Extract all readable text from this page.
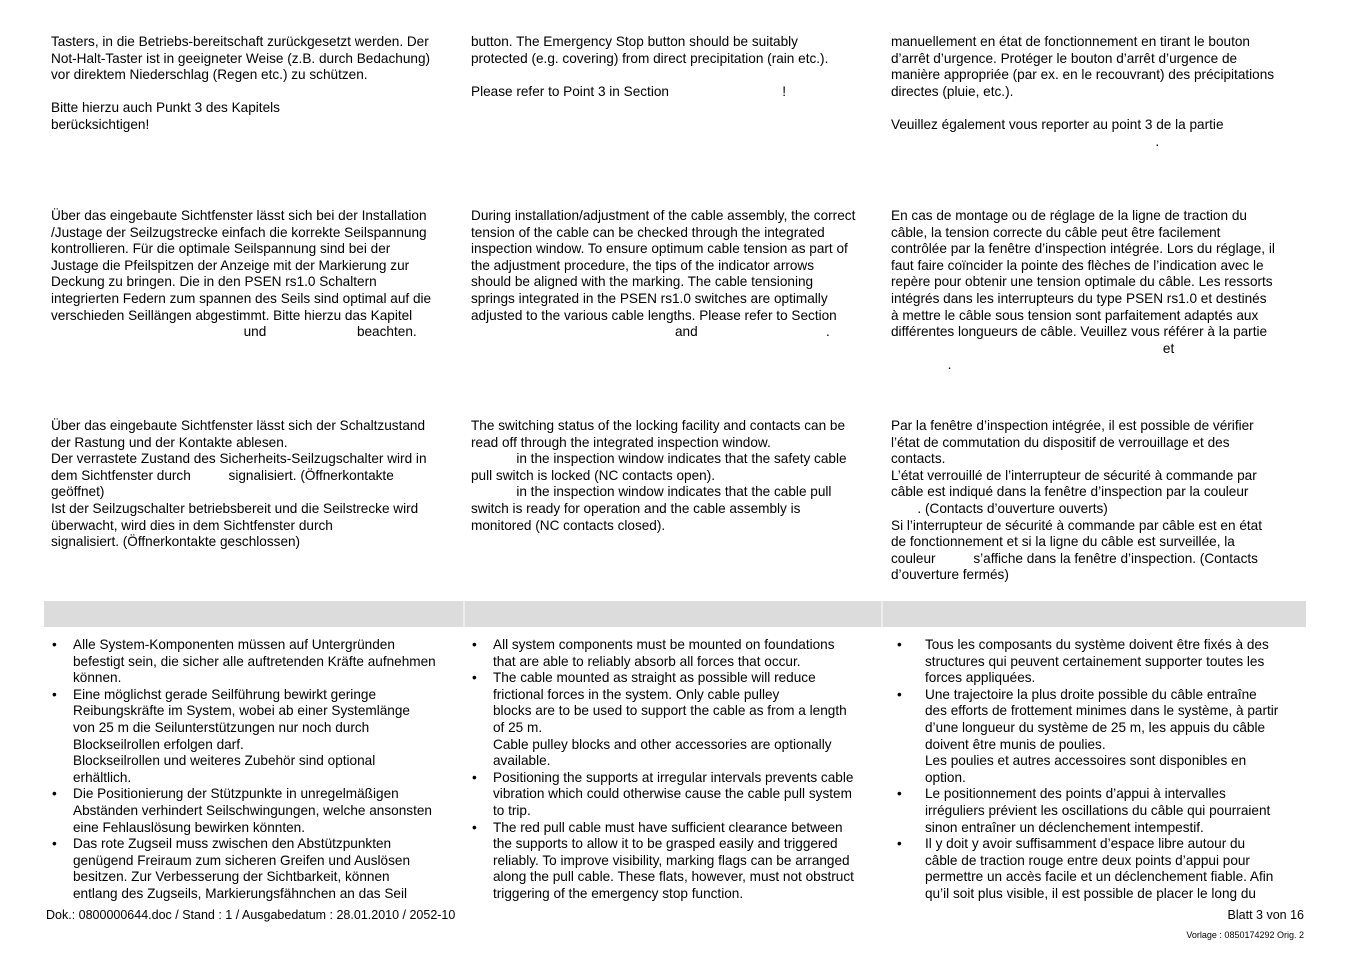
Tasters, in die Betriebs-bereitschaft zurückgesetzt werden. Der
Not-Halt-Taster ist in geeigneter Weise (z.B. durch Bedachung)
vor direktem Niederschlag (Regen etc.) zu schützen.

Bitte hierzu auch Punkt 3 des Kapitels
berücksichtigen!
button. The Emergency Stop button should be suitably
protected (e.g. covering) from direct precipitation (rain etc.).

Please refer to Point 3 in Section                              !
manuellement en état de fonctionnement en tirant le bouton
d’arrêt d’urgence. Protéger le bouton d’arrêt d’urgence de
manière appropriée (par ex. en le recouvrant) des précipitations
directes (pluie, etc.).

Veuillez également vous reporter au point 3 de la partie
.
Über das eingebaute Sichtfenster lässt sich bei der Installation
/Justage der Seilzugstrecke einfach die korrekte Seilspannung
kontrollieren. Für die optimale Seilspannung sind bei der
Justage die Pfeilspitzen der Anzeige mit der Markierung zur
Deckung zu bringen. Die in den PSEN rs1.0 Schaltern
integrierten Federn zum spannen des Seils sind optimal auf die
verschieden Seillängen abgestimmt. Bitte hierzu das Kapitel
und                        beachten.
During installation/adjustment of the cable assembly, the correct
tension of the cable can be checked through the integrated
inspection window. To ensure optimum cable tension as part of
the adjustment procedure, the tips of the indicator arrows
should be aligned with the marking. The cable tensioning
springs integrated in the PSEN rs1.0 switches are optimally
adjusted to the various cable lengths. Please refer to Section
and                                  .
En cas de montage ou de réglage de la ligne de traction du
câble, la tension correcte du câble peut être facilement
contrôlée par la fenêtre d’inspection intégrée. Lors du réglage, il
faut faire coïncider la pointe des flèches de l’indication avec le
repère pour obtenir une tension optimale du câble. Les ressorts
intégrés dans les interrupteurs du type PSEN rs1.0 et destinés
à mettre le câble sous tension sont parfaitement adaptés aux
différentes longueurs de câble. Veuillez vous référer à la partie
et
.
Über das eingebaute Sichtfenster lässt sich der Schaltzustand
der Rastung und der Kontakte ablesen.
Der verrastete Zustand des Sicherheits-Seilzugschalter wird in
dem Sichtfenster durch          signalisiert. (Öffnerkontakte
geöffnet)
Ist der Seilzugschalter betriebsbereit und die Seilstrecke wird
überwacht, wird dies in dem Sichtfenster durch
signalisiert. (Öffnerkontakte geschlossen)
The switching status of the locking facility and contacts can be
read off through the integrated inspection window.
in the inspection window indicates that the safety cable
pull switch is locked (NC contacts open).
in the inspection window indicates that the cable pull
switch is ready for operation and the cable assembly is
monitored (NC contacts closed).
Par la fenêtre d’inspection intégrée, il est possible de vérifier
l’état de commutation du dispositif de verrouillage et des
contacts.
L’état verrouillé de l’interrupteur de sécurité à commande par
câble est indiqué dans la fenêtre d’inspection par la couleur
. (Contacts d’ouverture ouverts)
Si l’interrupteur de sécurité à commande par câble est en état
de fonctionnement et si la ligne du câble est surveillée, la
couleur          s’affiche dans la fenêtre d’inspection. (Contacts
d’ouverture fermés)
• Alle System-Komponenten müssen auf Untergründen
befestigt sein, die sicher alle auftretenden Kräfte aufnehmen
können.
• Eine möglichst gerade Seilführung bewirkt geringe
Reibungskräfte im System, wobei ab einer Systemlänge
von 25 m die Seilunterstützungen nur noch durch
Blockseilrollen erfolgen darf.
Blockseilrollen und weiteres Zubehör sind optional
erhältlich.
• Die Positionierung der Stützpunkte in unregelmäßigen
Abständen verhindert Seilschwingungen, welche ansonsten
eine Fehlauslösung bewirken könnten.
• Das rote Zugseil muss zwischen den Abstützpunkten
genügend Freiraum zum sicheren Greifen und Auslösen
besitzen. Zur Verbesserung der Sichtbarkeit, können
entlang des Zugseils, Markierungsfähnchen an das Seil
• All system components must be mounted on foundations
that are able to reliably absorb all forces that occur.
• The cable mounted as straight as possible will reduce
frictional forces in the system. Only cable pulley
blocks are to be used to support the cable as from a length
of 25 m.
Cable pulley blocks and other accessories are optionally
available.
• Positioning the supports at irregular intervals prevents cable
vibration which could otherwise cause the cable pull system
to trip.
• The red pull cable must have sufficient clearance between
the supports to allow it to be grasped easily and triggered
reliably. To improve visibility, marking flags can be arranged
along the pull cable. These flats, however, must not obstruct
triggering of the emergency stop function.
• Tous les composants du système doivent être fixés à des
structures qui peuvent certainement supporter toutes les
forces appliquées.
• Une trajectoire la plus droite possible du câble entraîne
des efforts de frottement minimes dans le système, à partir
d’une longueur du système de 25 m, les appuis du câble
doivent être munis de poulies.
Les poulies et autres accessoires sont disponibles en
option.
• Le positionnement des points d’appui à intervalles
irréguliers prévient les oscillations du câble qui pourraient
sinon entraîner un déclenchement intempestif.
• Il y doit y avoir suffisamment d’espace libre autour du
câble de traction rouge entre deux points d’appui pour
permettre un accès facile et un déclenchement fiable. Afin
qu’il soit plus visible, il est possible de placer le long du
Dok.: 0800000644.doc / Stand : 1 / Ausgabedatum : 28.01.2010 / 2052-10	Blatt 3 von 16
Vorlage : 0850174292 Orig. 2
